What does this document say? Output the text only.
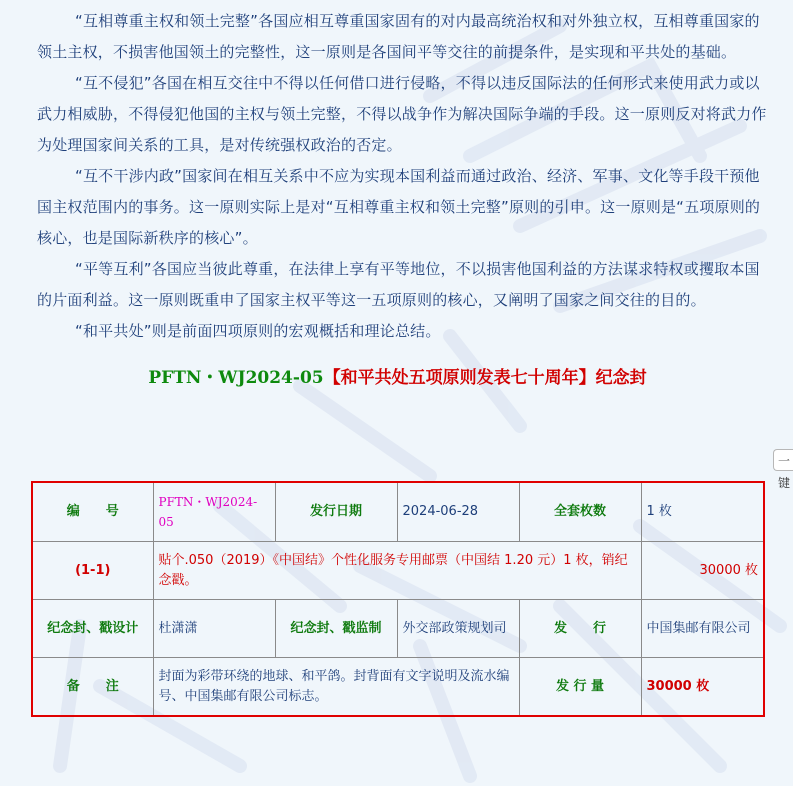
“互相尊重主权和领土完整”各国应相互尊重国家固有的对内最高统治权和对外独立权，互相尊重国家的领土主权，不损害他国领土的完整性，这一原则是各国间平等交往的前提条件，是实现和平共处的基础。

“互不侵犯”各国在相互交往中不得以任何借口进行侵略，不得以违反国际法的任何形式来使用武力或以武力相威胁，不得侵犯他国的主权与领土完整，不得以战争作为解决国际争端的手段。这一原则反对将武力作为处理国家间关系的工具，是对传统强权政治的否定。

“互不干涉内政”国家间在相互关系中不应为实现本国利益而通过政治、经济、军事、文化等手段干预他国主权范围内的事务。这一原则实际上是对“互相尊重主权和领土完整”原则的引申。这一原则是“五项原则的核心，也是国际新秩序的核心”。

“平等互利”各国应当彼此尊重，在法律上享有平等地位，不以损害他国利益的方法谋求特权或攫取本国的片面利益。这一原则既重申了国家主权平等这一五项原则的核心，又阐明了国家之间交往的目的。

“和平共处”则是前面四项原则的宏观概括和理论总结。

PFTN・WJ2024-05【和平共处五项原则发表七十周年】纪念封
编　　号	PFTN・WJ2024-05	发行日期	2024-06-28	全套枚数	1 枚
(1-1)	贴个.050（2019）《中国结》个性化服务专用邮票（中国结 1.20 元）1 枚，销纪念戳。				30000 枚
纪念封、戳设计	杜潇潇	纪念封、戳监制	外交部政策规划司	发　　行	中国集邮有限公司
备　　注	封面为彩带环绕的地球、和平鸽。封背面有文字说明及流水编号、中国集邮有限公司标志。			发 行 量	30000 枚
一键
